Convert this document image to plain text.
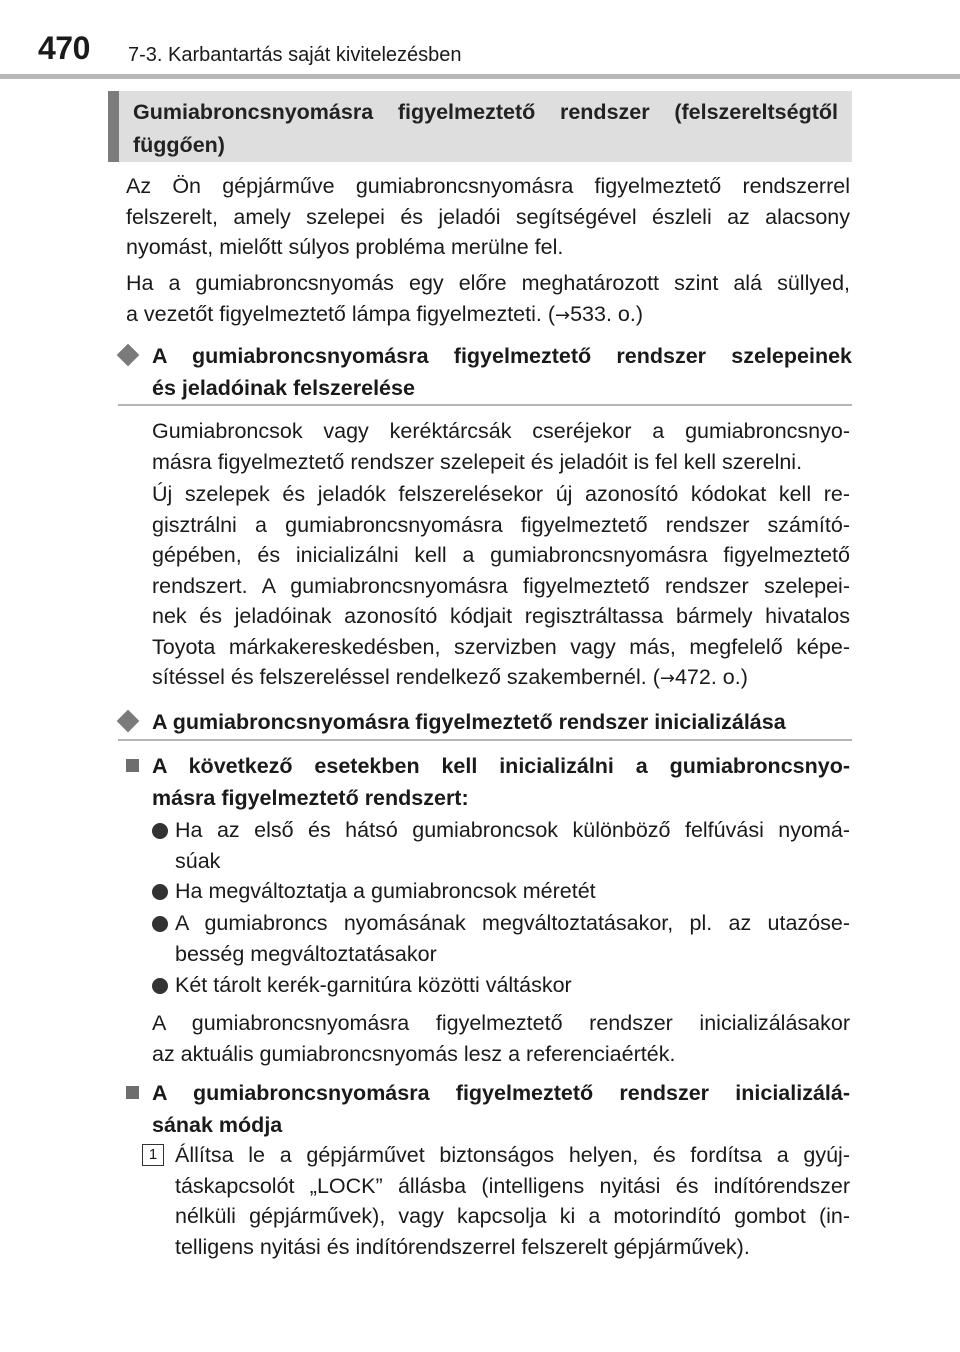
470 7-3. Karbantartás saját kivitelezésben
Gumiabroncsnyomásra figyelmeztető rendszer (felszereltségtől
függően)
Az Ön gépjárműve gumiabroncsnyomásra figyelmeztető rendszerrel
felszerelt, amely szelepei és jeladói segítségével észleli az alacsony
nyomást, mielőtt súlyos probléma merülne fel.
Ha a gumiabroncsnyomás egy előre meghatározott szint alá süllyed,
a vezetőt figyelmeztető lámpa figyelmezteti. (→533. o.)
A gumiabroncsnyomásra figyelmeztető rendszer szelepeinek
és jeladóinak felszerelése
Gumiabroncsok vagy keréktárcsák cseréjekor a gumiabroncsnyo-
másra figyelmeztető rendszer szelepeit és jeladóit is fel kell szerelni.
Új szelepek és jeladók felszerelésekor új azonosító kódokat kell re-
gisztrálni a gumiabroncsnyomásra figyelmeztető rendszer számító-
gépében, és inicializálni kell a gumiabroncsnyomásra figyelmeztető
rendszert. A gumiabroncsnyomásra figyelmeztető rendszer szelepei-
nek és jeladóinak azonosító kódjait regisztráltassa bármely hivatalos
Toyota márkakereskedésben, szervizben vagy más, megfelelő képe-
sítéssel és felszereléssel rendelkező szakembernél. (→472. o.)
A gumiabroncsnyomásra figyelmeztető rendszer inicializálása
A következő esetekben kell inicializálni a gumiabroncsnyo-
másra figyelmeztető rendszert:
Ha az első és hátsó gumiabroncsok különböző felfúvási nyomá-
súak
Ha megváltoztatja a gumiabroncsok méretét
A gumiabroncs nyomásának megváltoztatásakor, pl. az utazóse-
besség megváltoztatásakor
Két tárolt kerék-garnitúra közötti váltáskor
A gumiabroncsnyomásra figyelmeztető rendszer inicializálásakor
az aktuális gumiabroncsnyomás lesz a referenciaérték.
A gumiabroncsnyomásra figyelmeztető rendszer inicializálá-
sának módja
1 Állítsa le a gépjárművet biztonságos helyen, és fordítsa a gyúj-
táskapcsolót „LOCK” állásba (intelligens nyitási és indítórendszer
nélküli gépjárművek), vagy kapcsolja ki a motorindító gombot (in-
telligens nyitási és indítórendszerrel felszerelt gépjárművek).
